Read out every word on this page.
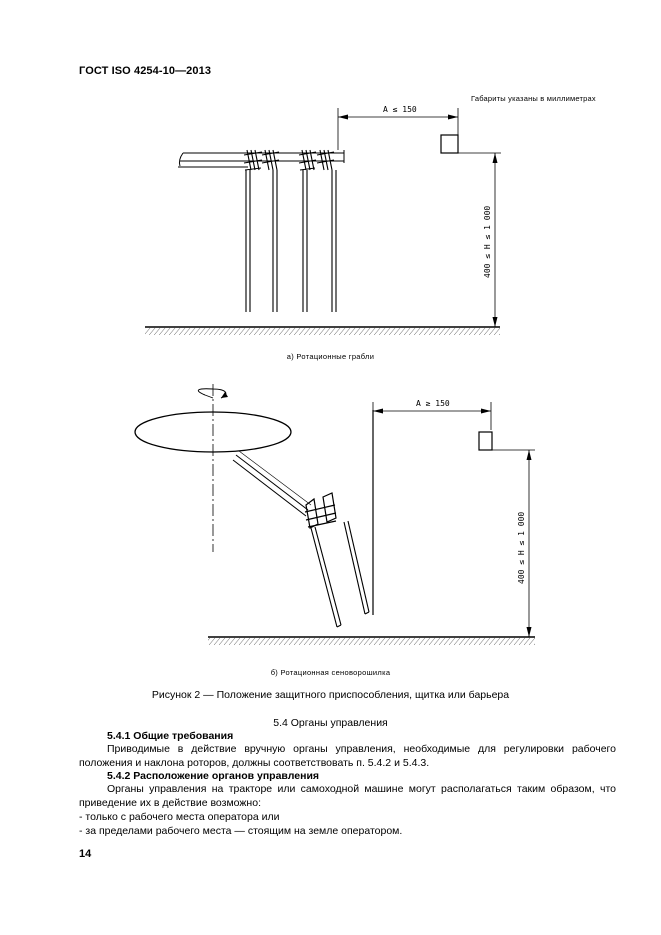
ГОСТ ISO 4254-10—2013
Габариты указаны в миллиметрах
A ≤ 150
400 ≤ H ≤ 1 000
A ≥ 150
400 ≤ H ≤ 1 000
а) Ротационные грабли
б) Ротационная сеноворошилка
Рисунок 2 — Положение защитного приспособления, щитка или барьера
5.4 Органы управления
5.4.1 Общие требования
Приводимые в действие вручную органы управления, необходимые для регулировки рабочего положения и наклона роторов, должны соответствовать п. 5.4.2 и 5.4.3.
5.4.2 Расположение органов управления
Органы управления на тракторе или самоходной машине могут располагаться таким образом, что приведение их в действие возможно:
- только с рабочего места оператора или
- за пределами рабочего места — стоящим на земле оператором.
14
